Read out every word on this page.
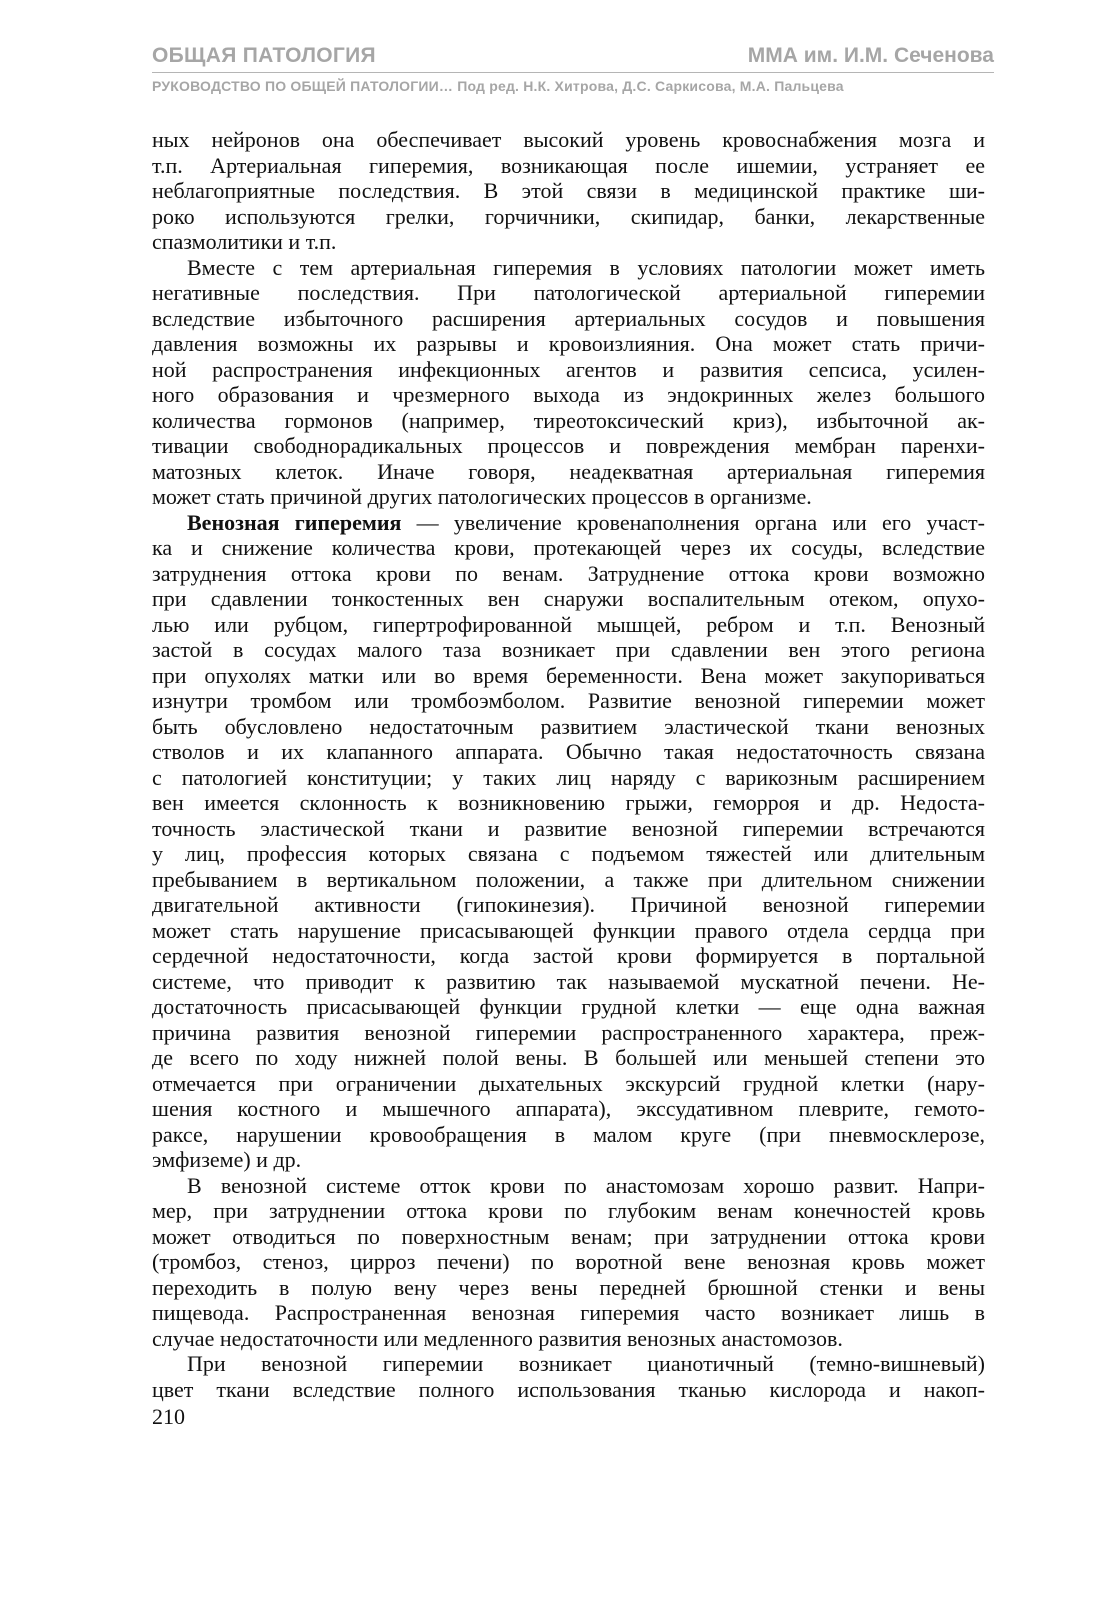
ОБЩАЯ ПАТОЛОГИЯ	ММА им. И.М. Сеченова
РУКОВОДСТВО ПО ОБЩЕЙ ПАТОЛОГИИ… Под ред. Н.К. Хитрова, Д.С. Саркисова, М.А. Пальцева
ных нейронов она обеспечивает высокий уровень кровоснабжения мозга и
т.п. Артериальная гиперемия, возникающая после ишемии, устраняет ее
неблагоприятные последствия. В этой связи в медицинской практике ши-
роко используются грелки, горчичники, скипидар, банки, лекарственные
спазмолитики и т.п.
Вместе с тем артериальная гиперемия в условиях патологии может иметь
негативные последствия. При патологической артериальной гиперемии
вследствие избыточного расширения артериальных сосудов и повышения
давления возможны их разрывы и кровоизлияния. Она может стать причи-
ной распространения инфекционных агентов и развития сепсиса, усилен-
ного образования и чрезмерного выхода из эндокринных желез большого
количества гормонов (например, тиреотоксический криз), избыточной ак-
тивации свободнорадикальных процессов и повреждения мембран паренхи-
матозных клеток. Иначе говоря, неадекватная артериальная гиперемия
может стать причиной других патологических процессов в организме.
Венозная гиперемия — увеличение кровенаполнения органа или его участ-
ка и снижение количества крови, протекающей через их сосуды, вследствие
затруднения оттока крови по венам. Затруднение оттока крови возможно
при сдавлении тонкостенных вен снаружи воспалительным отеком, опухо-
лью или рубцом, гипертрофированной мышцей, ребром и т.п. Венозный
застой в сосудах малого таза возникает при сдавлении вен этого региона
при опухолях матки или во время беременности. Вена может закупориваться
изнутри тромбом или тромбоэмболом. Развитие венозной гиперемии может
быть обусловлено недостаточным развитием эластической ткани венозных
стволов и их клапанного аппарата. Обычно такая недостаточность связана
с патологией конституции; у таких лиц наряду с варикозным расширением
вен имеется склонность к возникновению грыжи, геморроя и др. Недоста-
точность эластической ткани и развитие венозной гиперемии встречаются
у лиц, профессия которых связана с подъемом тяжестей или длительным
пребыванием в вертикальном положении, а также при длительном снижении
двигательной активности (гипокинезия). Причиной венозной гиперемии
может стать нарушение присасывающей функции правого отдела сердца при
сердечной недостаточности, когда застой крови формируется в портальной
системе, что приводит к развитию так называемой мускатной печени. Не-
достаточность присасывающей функции грудной клетки — еще одна важная
причина развития венозной гиперемии распространенного характера, преж-
де всего по ходу нижней полой вены. В большей или меньшей степени это
отмечается при ограничении дыхательных экскурсий грудной клетки (нару-
шения костного и мышечного аппарата), экссудативном плеврите, гемото-
раксе, нарушении кровообращения в малом круге (при пневмосклерозе,
эмфиземе) и др.
В венозной системе отток крови по анастомозам хорошо развит. Напри-
мер, при затруднении оттока крови по глубоким венам конечностей кровь
может отводиться по поверхностным венам; при затруднении оттока крови
(тромбоз, стеноз, цирроз печени) по воротной вене венозная кровь может
переходить в полую вену через вены передней брюшной стенки и вены
пищевода. Распространенная венозная гиперемия часто возникает лишь в
случае недостаточности или медленного развития венозных анастомозов.
При венозной гиперемии возникает цианотичный (темно-вишневый)
цвет ткани вследствие полного использования тканью кислорода и накоп-
210
